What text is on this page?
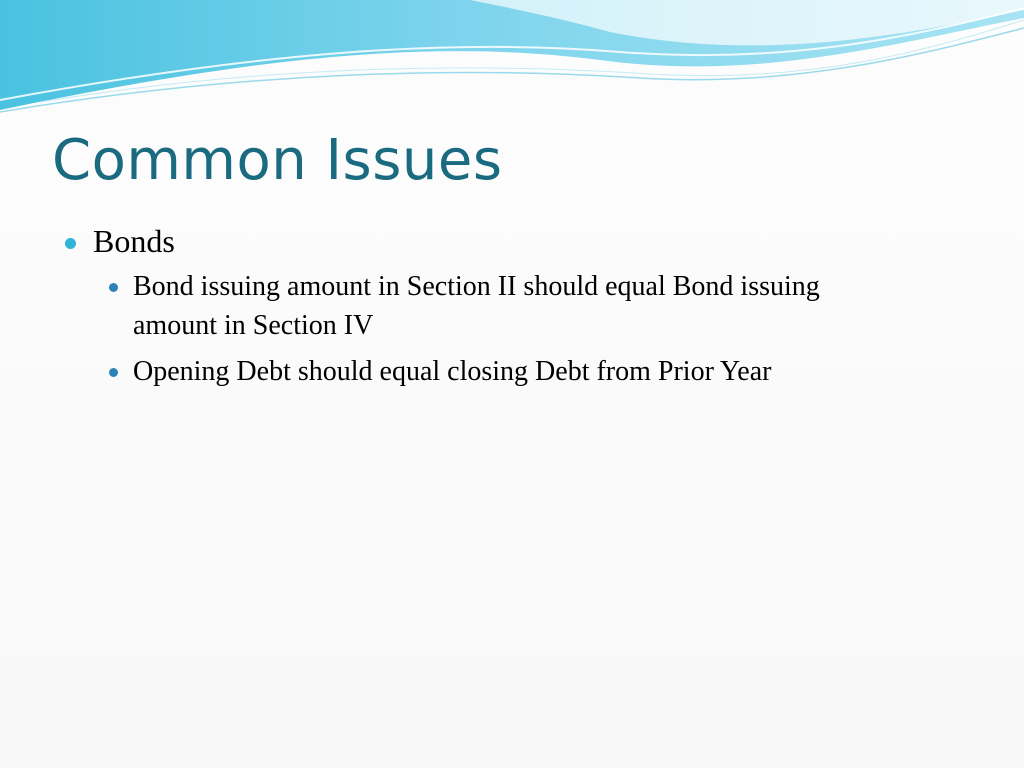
Common Issues
Bonds
Bond issuing amount in Section II should equal Bond issuing amount in Section IV
Opening Debt should equal closing Debt from Prior Year
